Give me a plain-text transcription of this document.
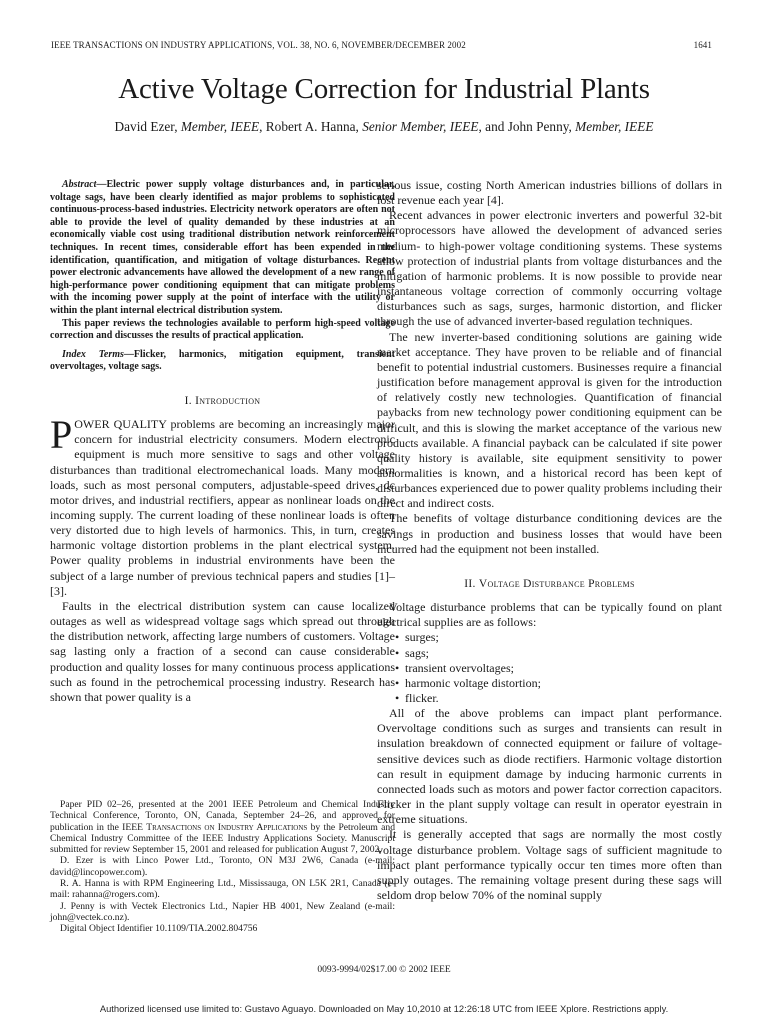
IEEE TRANSACTIONS ON INDUSTRY APPLICATIONS, VOL. 38, NO. 6, NOVEMBER/DECEMBER 2002	1641
Active Voltage Correction for Industrial Plants
David Ezer, Member, IEEE, Robert A. Hanna, Senior Member, IEEE, and John Penny, Member, IEEE

Abstract—Electric power supply voltage disturbances and, in particular, voltage sags, have been clearly identified as major problems to sophisticated continuous-process-based industries. Electricity network operators are often not able to provide the level of quality demanded by these industries at an economically viable cost using traditional distribution network reinforcement techniques. In recent times, considerable effort has been expended in the identification, quantification, and mitigation of voltage disturbances. Recent power electronic advancements have allowed the development of a new range of high-performance power conditioning equipment that can mitigate problems with the incoming power supply at the point of interface with the utility or within the plant internal electrical distribution system.

This paper reviews the technologies available to perform high-speed voltage correction and discusses the results of practical application.

Index Terms—Flicker, harmonics, mitigation equipment, transient overvoltages, voltage sags.

I. Introduction

POWER QUALITY problems are becoming an increasingly major concern for industrial electricity consumers. Modern electronic equipment is much more sensitive to sags and other voltage disturbances than traditional electromechanical loads. Many modern loads, such as most personal computers, adjustable-speed drives, dc motor drives, and industrial rectifiers, appear as nonlinear loads on the incoming supply. The current loading of these nonlinear loads is often very distorted due to high levels of harmonics. This, in turn, creates harmonic voltage distortion problems in the plant electrical system. Power quality problems in industrial environments have been the subject of a large number of previous technical papers and studies [1]–[3].

Faults in the electrical distribution system can cause localized outages as well as widespread voltage sags which spread out through the distribution network, affecting large numbers of customers. Voltage sag lasting only a fraction of a second can cause considerable production and quality losses for many continuous process applications such as found in the petrochemical processing industry. Research has shown that power quality is a

serious issue, costing North American industries billions of dollars in lost revenue each year [4].

Recent advances in power electronic inverters and powerful 32-bit microprocessors have allowed the development of advanced series medium- to high-power voltage conditioning systems. These systems allow protection of industrial plants from voltage disturbances and the mitigation of harmonic problems. It is now possible to provide near instantaneous voltage correction of commonly occurring voltage disturbances such as sags, surges, harmonic distortion, and flicker through the use of advanced inverter-based regulation techniques.

The new inverter-based conditioning solutions are gaining wide market acceptance. They have proven to be reliable and of financial benefit to potential industrial customers. Businesses require a financial justification before management approval is given for the introduction of relatively costly new technologies. Quantification of financial paybacks from new technology power conditioning equipment can be difficult, and this is slowing the market acceptance of the various new products available. A financial payback can be calculated if site power quality history is available, site equipment sensitivity to power abnormalities is known, and a historical record has been kept of disturbances experienced due to power quality problems including their direct and indirect costs.

The benefits of voltage disturbance conditioning devices are the savings in production and business losses that would have been incurred had the equipment not been installed.

II. Voltage Disturbance Problems

Voltage disturbance problems that can be typically found on plant electrical supplies are as follows:

• surges;
• sags;
• transient overvoltages;
• harmonic voltage distortion;
• flicker.

All of the above problems can impact plant performance. Overvoltage conditions such as surges and transients can result in insulation breakdown of connected equipment or failure of voltage-sensitive devices such as diode rectifiers. Harmonic voltage distortion can result in equipment damage by inducing harmonic currents in connected loads such as motors and power factor correction capacitors. Flicker in the plant supply voltage can result in operator eyestrain in extreme situations.

It is generally accepted that sags are normally the most costly voltage disturbance problem. Voltage sags of sufficient magnitude to impact plant performance typically occur ten times more often than supply outages. The remaining voltage present during these sags will seldom drop below 70% of the nominal supply

Paper PID 02–26, presented at the 2001 IEEE Petroleum and Chemical Industry Technical Conference, Toronto, ON, Canada, September 24–26, and approved for publication in the IEEE Transactions on Industry Applications by the Petroleum and Chemical Industry Committee of the IEEE Industry Applications Society. Manuscript submitted for review September 15, 2001 and released for publication August 7, 2002.

D. Ezer is with Linco Power Ltd., Toronto, ON M3J 2W6, Canada (e-mail: david@lincopower.com).

R. A. Hanna is with RPM Engineering Ltd., Mississauga, ON L5K 2R1, Canada (e-mail: rahanna@rogers.com).

J. Penny is with Vectek Electronics Ltd., Napier HB 4001, New Zealand (e-mail: john@vectek.co.nz).

Digital Object Identifier 10.1109/TIA.2002.804756

0093-9994/02$17.00 © 2002 IEEE
Authorized licensed use limited to: Gustavo Aguayo. Downloaded on May 10,2010 at 12:26:18 UTC from IEEE Xplore. Restrictions apply.
